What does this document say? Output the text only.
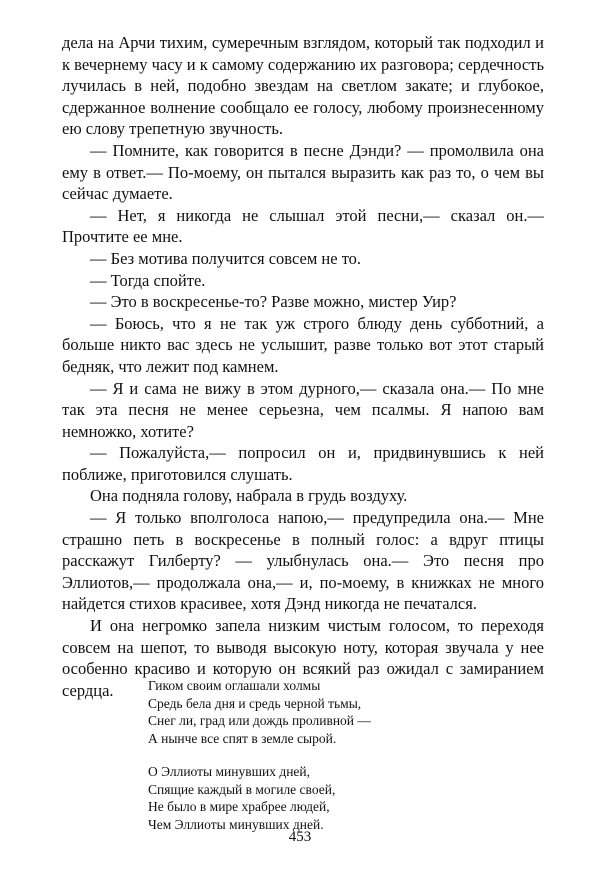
дела на Арчи тихим, сумеречным взглядом, который так подходил и к вечернему часу и к самому содержанию их разговора; сердечность лучилась в ней, подобно звездам на светлом закате; и глубокое, сдержанное волнение сообщало ее голосу, любому произнесенному ею слову трепетную звучность.

— Помните, как говорится в песне Дэнди? — промолвила она ему в ответ.— По-моему, он пытался выразить как раз то, о чем вы сейчас думаете.

— Нет, я никогда не слышал этой песни,— сказал он.— Прочтите ее мне.

— Без мотива получится совсем не то.

— Тогда спойте.

— Это в воскресенье-то? Разве можно, мистер Уир?

— Боюсь, что я не так уж строго блюду день субботний, а больше никто вас здесь не услышит, разве только вот этот старый бедняк, что лежит под камнем.

— Я и сама не вижу в этом дурного,— сказала она.— По мне так эта песня не менее серьезна, чем псалмы. Я напою вам немножко, хотите?

— Пожалуйста,— попросил он и, придвинувшись к ней поближе, приготовился слушать.

Она подняла голову, набрала в грудь воздуху.

— Я только вполголоса напою,— предупредила она.— Мне страшно петь в воскресенье в полный голос: а вдруг птицы расскажут Гилберту? — улыбнулась она.— Это песня про Эллиотов,— продолжала она,— и, по-моему, в книжках не много найдется стихов красивее, хотя Дэнд никогда не печатался.

И она негромко запела низким чистым голосом, то переходя совсем на шепот, то выводя высокую ноту, которая звучала у нее особенно красиво и которую он всякий раз ожидал с замиранием сердца.	Гиком своим оглашали холмы
Средь бела дня и средь черной тьмы,
Снег ли, град или дождь проливной —
А нынче все спят в земле сырой.
О Эллиоты минувших дней,
Спящие каждый в могиле своей,
Не было в мире храбрее людей,
Чем Эллиоты минувших дней.
453
